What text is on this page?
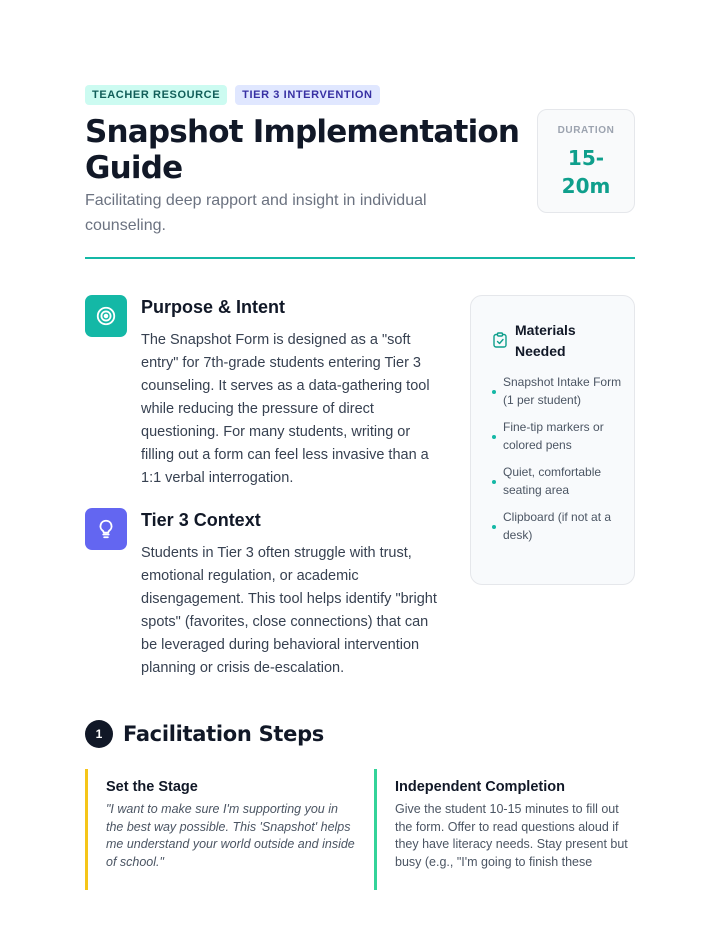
TEACHER RESOURCE	TIER 3 INTERVENTION
Snapshot Implementation Guide

Facilitating deep rapport and insight in individual counseling.

DURATION
15-20m
Purpose & Intent

The Snapshot Form is designed as a "soft entry" for 7th-grade students entering Tier 3 counseling. It serves as a data-gathering tool while reducing the pressure of direct questioning. For many students, writing or filling out a form can feel less invasive than a 1:1 verbal interrogation.

Tier 3 Context

Students in Tier 3 often struggle with trust, emotional regulation, or academic disengagement. This tool helps identify "bright spots" (favorites, close connections) that can be leveraged during behavioral intervention planning or crisis de-escalation.

Materials Needed
Snapshot Intake Form (1 per student)
Fine-tip markers or colored pens
Quiet, comfortable seating area
Clipboard (if not at a desk)
1 Facilitation Steps
Set the Stage

"I want to make sure I'm supporting you in the best way possible. This 'Snapshot' helps me understand your world outside and inside of school."

Independent Completion

Give the student 10-15 minutes to fill out the form. Offer to read questions aloud if they have literacy needs. Stay present but busy (e.g., "I'm going to finish these
